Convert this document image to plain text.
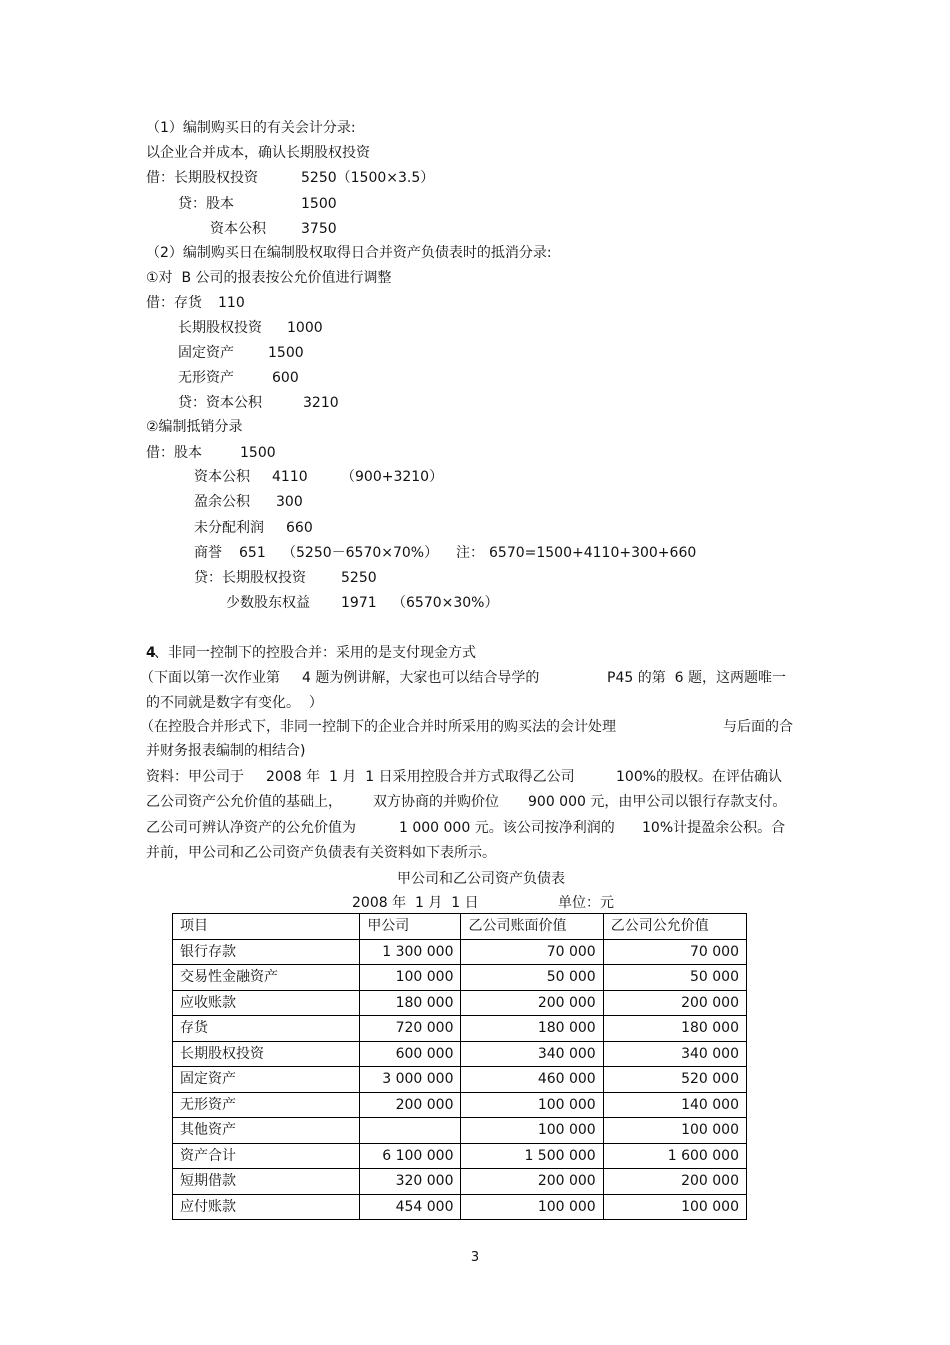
（1）编制购买日的有关会计分录:
以企业合并成本，确认长期股权投资
借：长期股权投资	5250（1500×3.5）
贷：股本	1500
资本公积	3750
（2）编制购买日在编制股权取得日合并资产负债表时的抵消分录:
①对  B 公司的报表按公允价值进行调整
借：存货 110
长期股权投资 1000
固定资产 1500
无形资产	600
贷：资本公积	3210
②编制抵销分录
借：股本	1500
资本公积 4110 （900+3210）
盈余公积 300
未分配利润 660
商誉 651 （5250－6570×70%） 注： 6570=1500+4110+300+660
贷：长期股权投资	5250
少数股东权益 1971 （6570×30%）
4
、非同一控制下的控股合并：采用的是支付现金方式
（下面以第一次作业第 4 题为例讲解，大家也可以结合导学的	P45 的第  6 题，这两题唯一
的不同就是数字有变化。  ）
（在控股合并形式下，非同一控制下的企业合并时所采用的购买法的会计处理	与后面的合
并财务报表编制的相结合)
资料：甲公司于 2008 年  1 月  1 日采用控股合并方式取得乙公司	100%的股权。在评估确认
乙公司资产公允价值的基础上， 双方协商的并购价位 900 000 元，由甲公司以银行存款支付。
乙公司可辨认净资产的公允价值为	1 000 000 元。该公司按净利润的 10%计提盈余公积。合
并前，甲公司和乙公司资产负债表有关资料如下表所示。
甲公司和乙公司资产负债表
2008 年  1 月  1 日	单位：元
项目	甲公司	乙公司账面价值	乙公司公允价值
银行存款	1 300 000	70 000	70 000
交易性金融资产	100 000	50 000	50 000
应收账款	180 000	200 000	200 000
存货	720 000	180 000	180 000
长期股权投资	600 000	340 000	340 000
固定资产	3 000 000	460 000	520 000
无形资产	200 000	100 000	140 000
其他资产		100 000	100 000
资产合计	6 100 000	1 500 000	1 600 000
短期借款	320 000	200 000	200 000
应付账款	454 000	100 000	100 000
3
